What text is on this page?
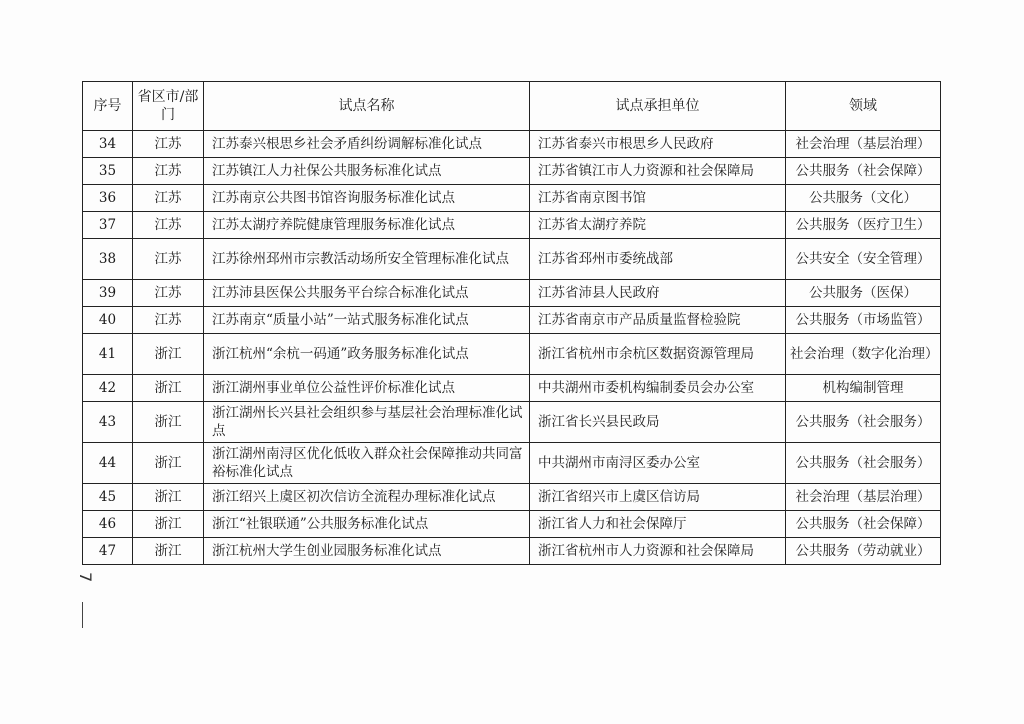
序号	省区市/部门	试点名称	试点承担单位	领域
34	江苏	江苏泰兴根思乡社会矛盾纠纷调解标准化试点	江苏省泰兴市根思乡人民政府	社会治理（基层治理）
35	江苏	江苏镇江人力社保公共服务标准化试点	江苏省镇江市人力资源和社会保障局	公共服务（社会保障）
36	江苏	江苏南京公共图书馆咨询服务标准化试点	江苏省南京图书馆	公共服务（文化）
37	江苏	江苏太湖疗养院健康管理服务标准化试点	江苏省太湖疗养院	公共服务（医疗卫生）
38	江苏	江苏徐州邳州市宗教活动场所安全管理标准化试点	江苏省邳州市委统战部	公共安全（安全管理）
39	江苏	江苏沛县医保公共服务平台综合标准化试点	江苏省沛县人民政府	公共服务（医保）
40	江苏	江苏南京“质量小站”一站式服务标准化试点	江苏省南京市产品质量监督检验院	公共服务（市场监管）
41	浙江	浙江杭州“余杭一码通”政务服务标准化试点	浙江省杭州市余杭区数据资源管理局	社会治理（数字化治理）
42	浙江	浙江湖州事业单位公益性评价标准化试点	中共湖州市委机构编制委员会办公室	机构编制管理
43	浙江	浙江湖州长兴县社会组织参与基层社会治理标准化试点	浙江省长兴县民政局	公共服务（社会服务）
44	浙江	浙江湖州南浔区优化低收入群众社会保障推动共同富裕标准化试点	中共湖州市南浔区委办公室	公共服务（社会服务）
45	浙江	浙江绍兴上虞区初次信访全流程办理标准化试点	浙江省绍兴市上虞区信访局	社会治理（基层治理）
46	浙江	浙江“社银联通”公共服务标准化试点	浙江省人力和社会保障厅	公共服务（社会保障）
47	浙江	浙江杭州大学生创业园服务标准化试点	浙江省杭州市人力资源和社会保障局	公共服务（劳动就业）
7
